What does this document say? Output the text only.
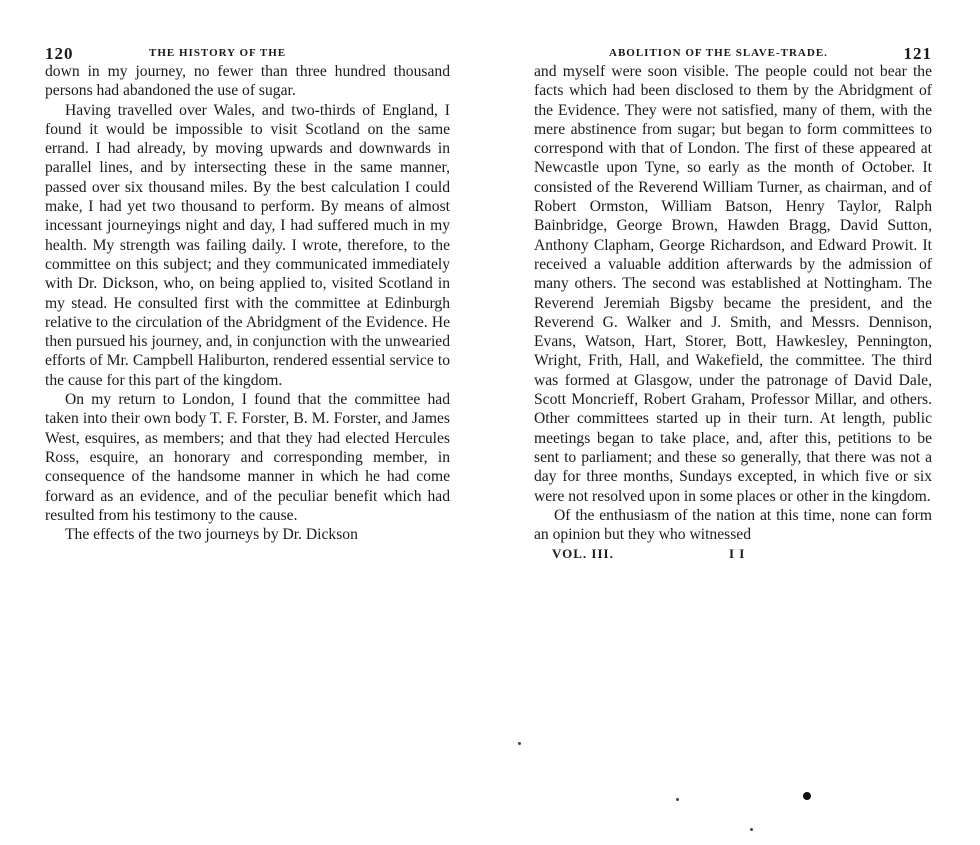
120	THE HISTORY OF THE

down in my journey, no fewer than three hundred thousand persons had abandoned the use of sugar.

Having travelled over Wales, and two-thirds of England, I found it would be impossible to visit Scotland on the same errand. I had already, by moving upwards and downwards in parallel lines, and by intersecting these in the same manner, passed over six thousand miles. By the best calculation I could make, I had yet two thousand to perform. By means of almost incessant journeyings night and day, I had suffered much in my health. My strength was failing daily. I wrote, therefore, to the committee on this subject; and they communicated immediately with Dr. Dickson, who, on being applied to, visited Scotland in my stead. He consulted first with the committee at Edinburgh relative to the circulation of the Abridgment of the Evidence. He then pursued his journey, and, in conjunction with the unwearied efforts of Mr. Campbell Haliburton, rendered essential service to the cause for this part of the kingdom.

On my return to London, I found that the committee had taken into their own body T. F. Forster, B. M. Forster, and James West, esquires, as members; and that they had elected Hercules Ross, esquire, an honorary and corresponding member, in consequence of the handsome manner in which he had come forward as an evidence, and of the peculiar benefit which had resulted from his testimony to the cause.

The effects of the two journeys by Dr. Dickson

ABOLITION OF THE SLAVE-TRADE.	121

and myself were soon visible. The people could not bear the facts which had been disclosed to them by the Abridgment of the Evidence. They were not satisfied, many of them, with the mere abstinence from sugar; but began to form committees to correspond with that of London. The first of these appeared at Newcastle upon Tyne, so early as the month of October. It consisted of the Reverend William Turner, as chairman, and of Robert Ormston, William Batson, Henry Taylor, Ralph Bainbridge, George Brown, Hawden Bragg, David Sutton, Anthony Clapham, George Richardson, and Edward Prowit. It received a valuable addition afterwards by the admission of many others. The second was established at Nottingham. The Reverend Jeremiah Bigsby became the president, and the Reverend G. Walker and J. Smith, and Messrs. Dennison, Evans, Watson, Hart, Storer, Bott, Hawkesley, Pennington, Wright, Frith, Hall, and Wakefield, the committee. The third was formed at Glasgow, under the patronage of David Dale, Scott Moncrieff, Robert Graham, Professor Millar, and others. Other committees started up in their turn. At length, public meetings began to take place, and, after this, petitions to be sent to parliament; and these so generally, that there was not a day for three months, Sundays excepted, in which five or six were not resolved upon in some places or other in the kingdom.

Of the enthusiasm of the nation at this time, none can form an opinion but they who witnessed

VOL. III.	I I
